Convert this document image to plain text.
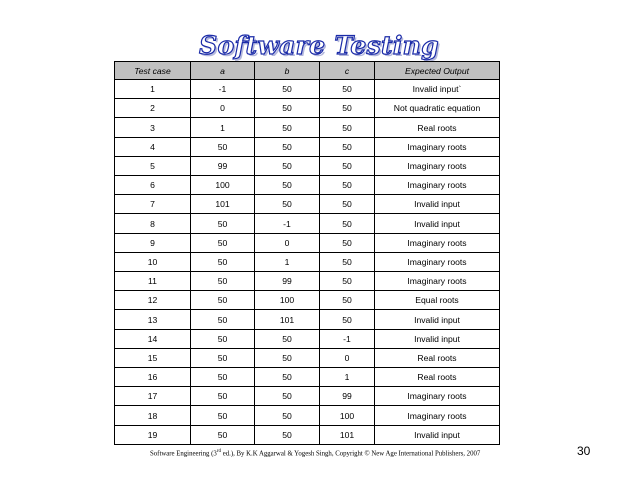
Software Testing
Test case	a	b	c	Expected Output
1	-1	50	50	Invalid input`
2	0	50	50	Not quadratic equation
3	1	50	50	Real roots
4	50	50	50	Imaginary roots
5	99	50	50	Imaginary roots
6	100	50	50	Imaginary roots
7	101	50	50	Invalid input
8	50	-1	50	Invalid input
9	50	0	50	Imaginary roots
10	50	1	50	Imaginary roots
11	50	99	50	Imaginary roots
12	50	100	50	Equal roots
13	50	101	50	Invalid input
14	50	50	-1	Invalid input
15	50	50	0	Real roots
16	50	50	1	Real roots
17	50	50	99	Imaginary roots
18	50	50	100	Imaginary roots
19	50	50	101	Invalid input
Software Engineering (3rd ed.), By K.K Aggarwal & Yogesh Singh, Copyright © New Age International Publishers, 2007	30
